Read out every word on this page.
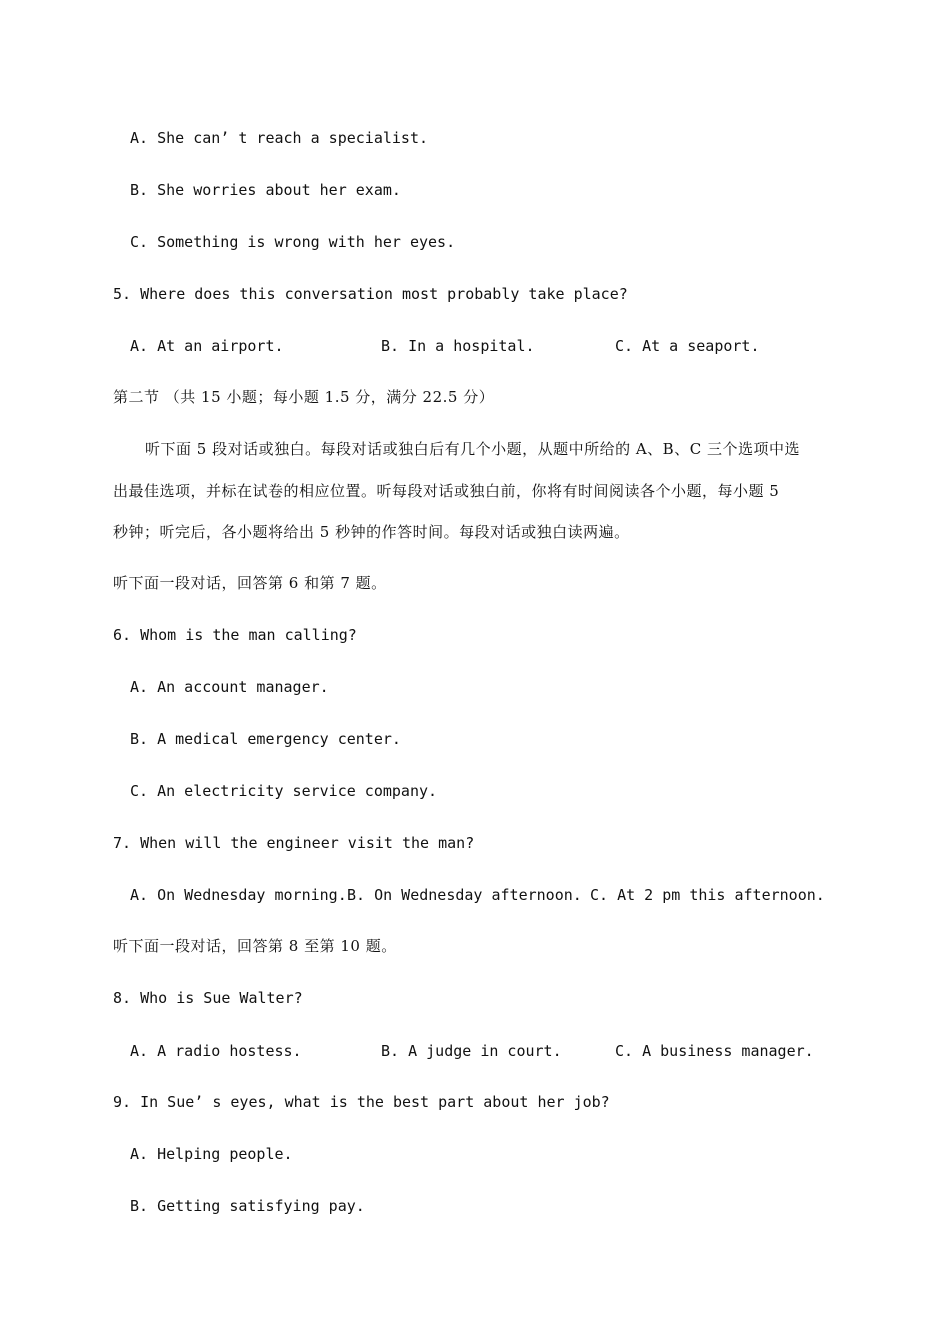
A. She can’ t reach a specialist.
B. She worries about her exam.
C. Something is wrong with her eyes.
5. Where does this conversation most probably take place?
A. At an airport.	B. In a hospital.	C. At a seaport.
第二节 （共 15 小题；每小题 1.5 分，满分 22.5 分）
听下面 5 段对话或独白。每段对话或独白后有几个小题，从题中所给的 A、B、C 三个选项中选
出最佳选项，并标在试卷的相应位置。听每段对话或独白前，你将有时间阅读各个小题，每小题 5
秒钟；听完后，各小题将给出 5 秒钟的作答时间。每段对话或独白读两遍。
听下面一段对话，回答第 6 和第 7 题。
6. Whom is the man calling?
A. An account manager.
B. A medical emergency center.
C. An electricity service company.
7. When will the engineer visit the man?
A. On Wednesday morning. B. On Wednesday afternoon. C. At 2 pm this afternoon.
听下面一段对话，回答第 8 至第 10 题。
8. Who is Sue Walter?
A. A radio hostess.	B. A judge in court.	C. A business manager.
9. In Sue’ s eyes, what is the best part about her job?
A. Helping people.
B. Getting satisfying pay.
